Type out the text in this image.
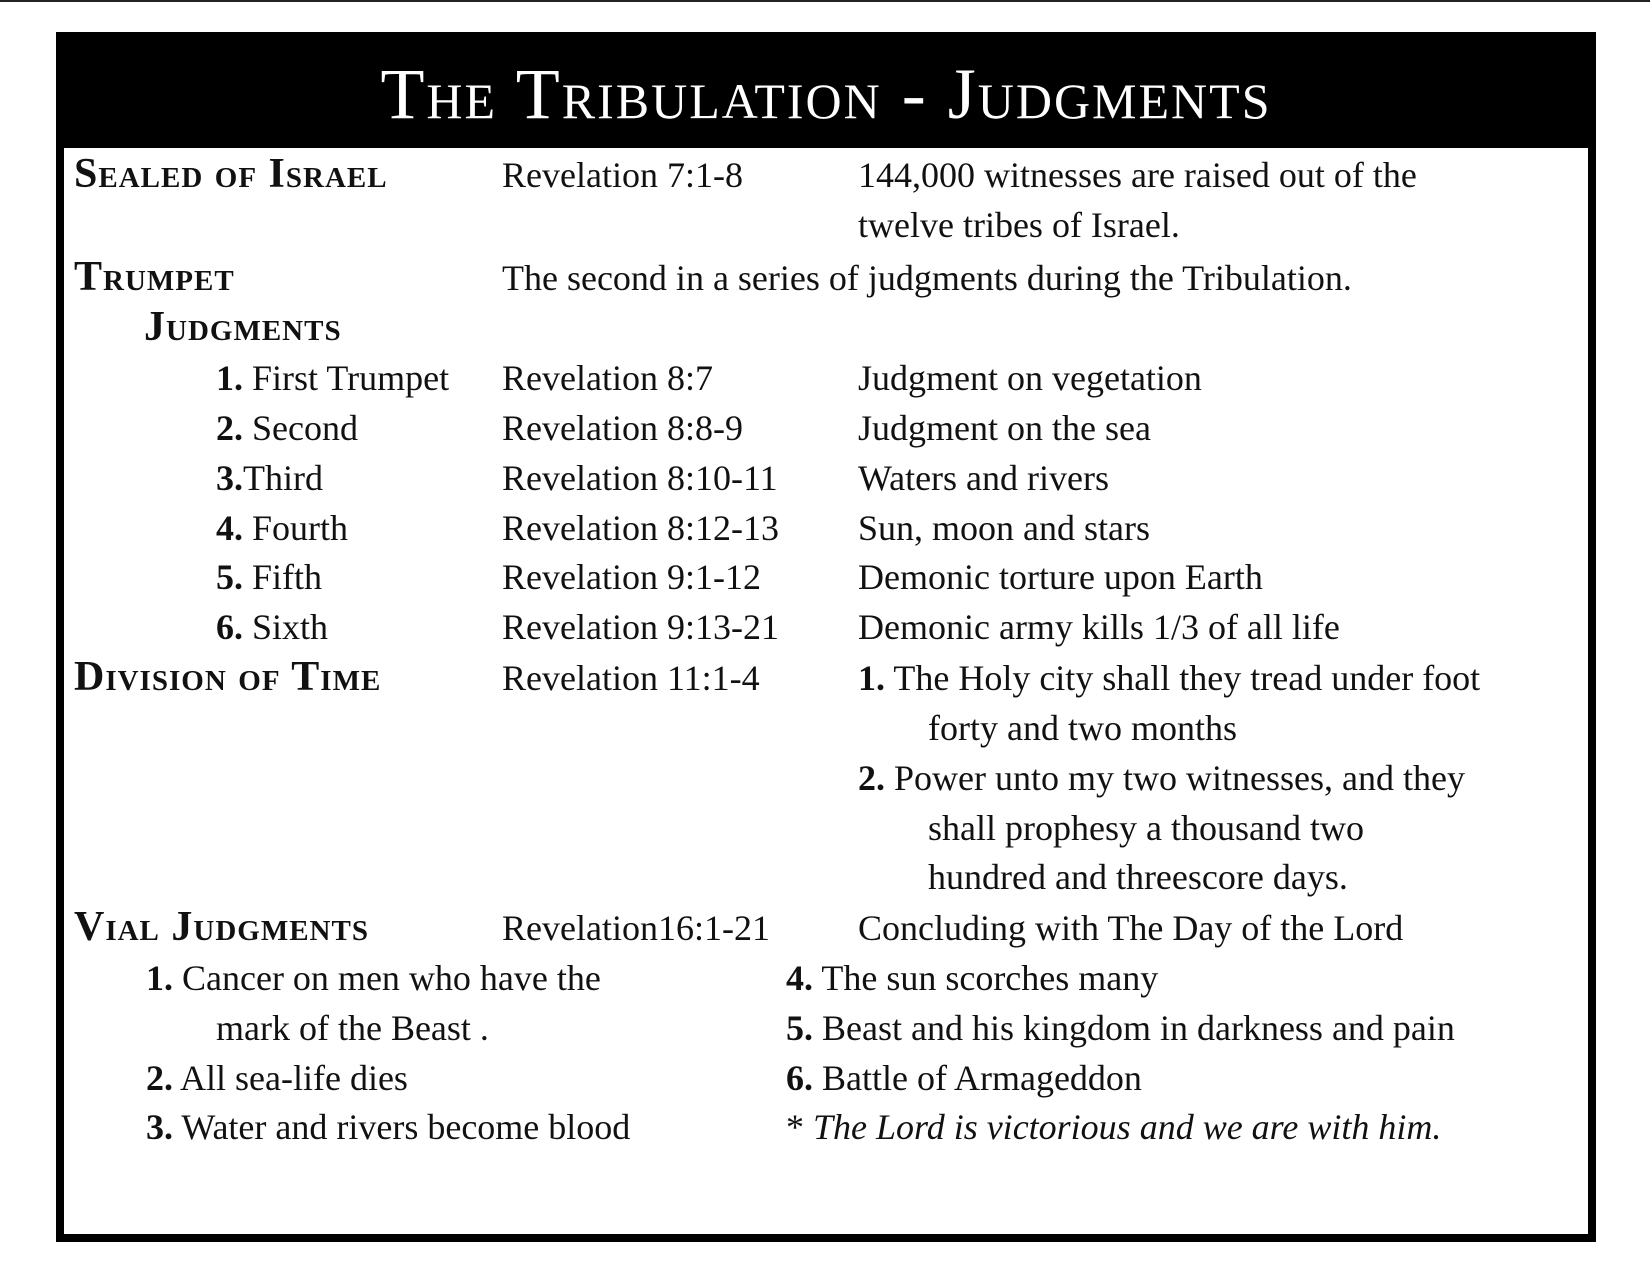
The Tribulation - Judgments
Sealed of Israel	Revelation 7:1-8	144,000 witnesses are raised out of the
twelve tribes of Israel.
Trumpet
Judgments
The second in a series of judgments during the Tribulation.
1. First Trumpet Revelation 8:7	Judgment on vegetation
2. Second	Revelation 8:8-9	Judgment on the sea
3.Third	Revelation 8:10-11 Waters and rivers
4. Fourth	Revelation 8:12-13 Sun, moon and stars
5. Fifth	Revelation 9:1-12	Demonic torture upon Earth
6. Sixth	Revelation 9:13-21 Demonic army kills 1/3 of all life
Division of Time	Revelation 11:1-4	1. The Holy city shall they tread under foot
forty and two months
2. Power unto my two witnesses, and they
shall prophesy a thousand two
hundred and threescore days.
Vial Judgments	Revelation16:1-21 Concluding with The Day of the Lord
1. Cancer on men who have the
mark of the Beast .
2. All sea-life dies
3. Water and rivers become blood
4. The sun scorches many
5. Beast and his kingdom in darkness and pain
6. Battle of Armageddon
* The Lord is victorious and we are with him.
